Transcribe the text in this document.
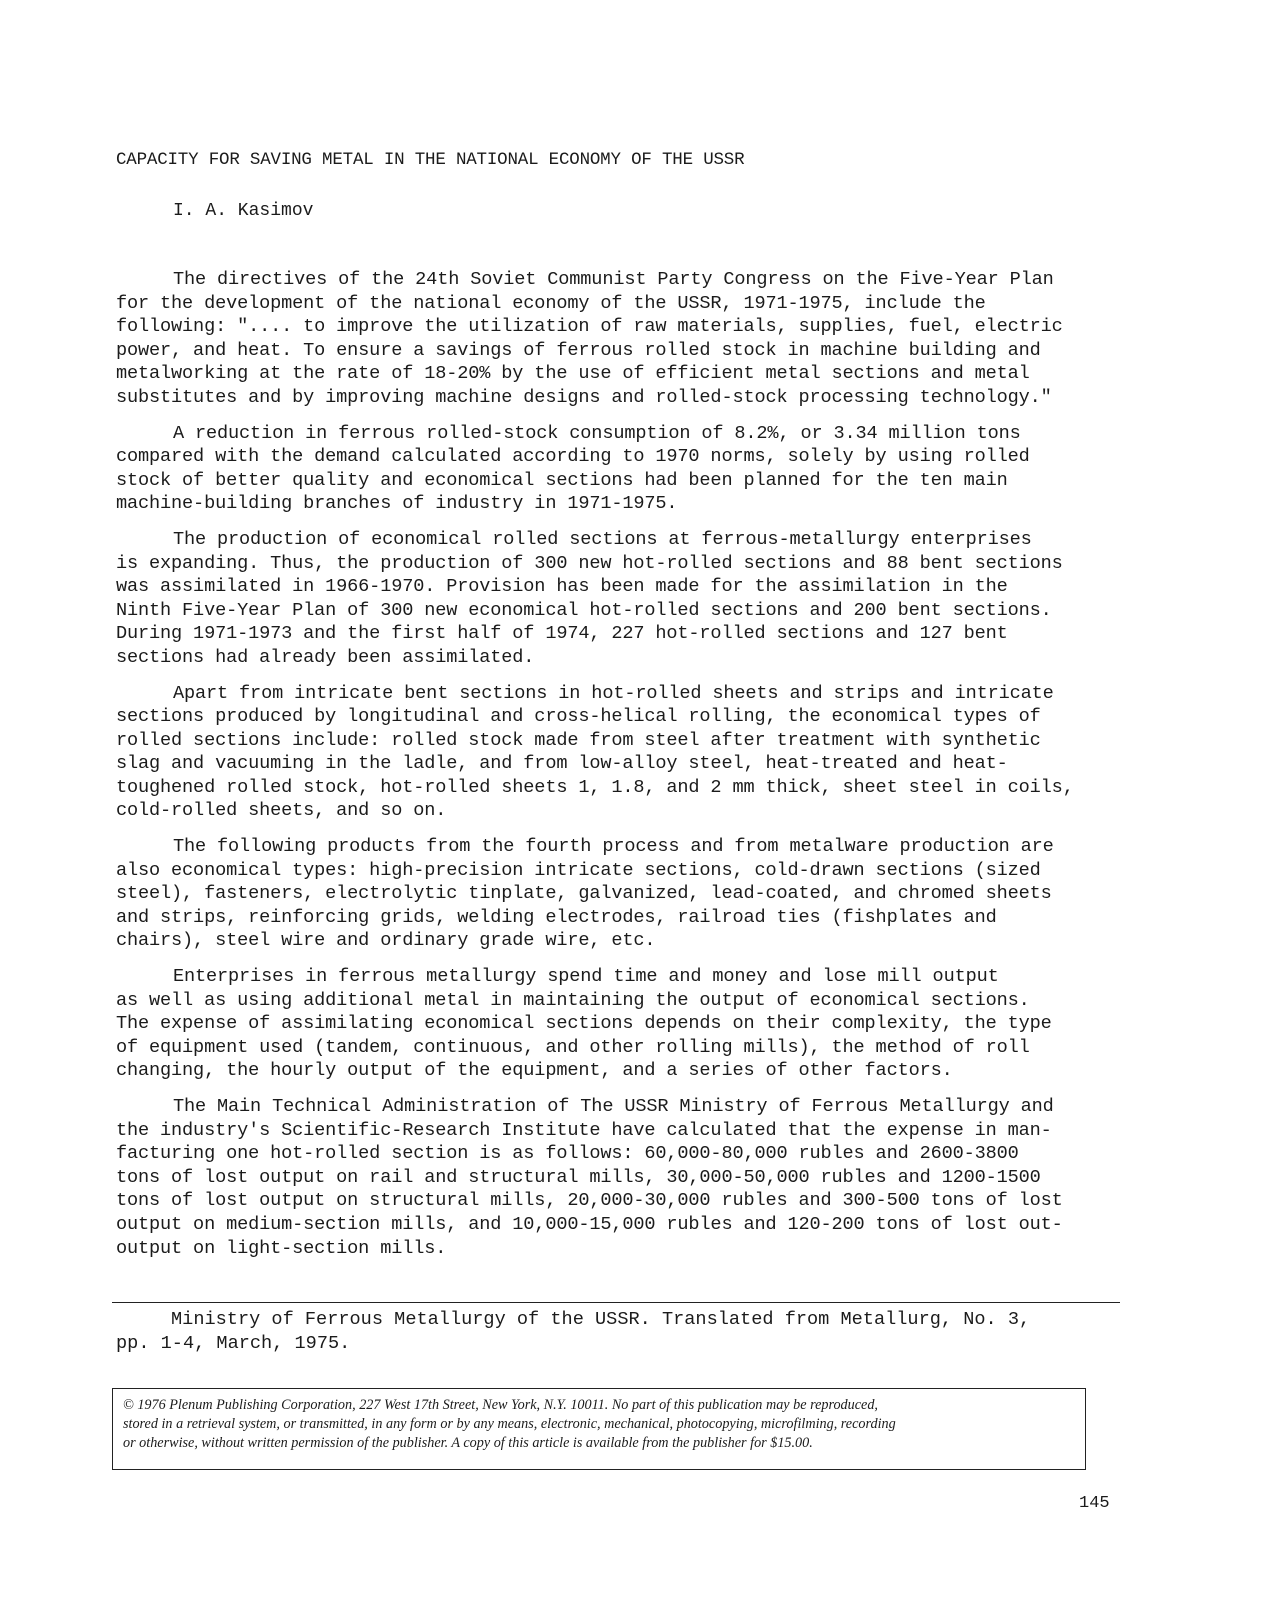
CAPACITY FOR SAVING METAL IN THE NATIONAL ECONOMY OF THE USSR
I. A. Kasimov

The directives of the 24th Soviet Communist Party Congress on the Five-Year Plan
for the development of the national economy of the USSR, 1971-1975, include the
following: ".... to improve the utilization of raw materials, supplies, fuel, electric
power, and heat. To ensure a savings of ferrous rolled stock in machine building and
metalworking at the rate of 18-20% by the use of efficient metal sections and metal
substitutes and by improving machine designs and rolled-stock processing technology."

A reduction in ferrous rolled-stock consumption of 8.2%, or 3.34 million tons
compared with the demand calculated according to 1970 norms, solely by using rolled
stock of better quality and economical sections had been planned for the ten main
machine-building branches of industry in 1971-1975.

The production of economical rolled sections at ferrous-metallurgy enterprises
is expanding. Thus, the production of 300 new hot-rolled sections and 88 bent sections
was assimilated in 1966-1970. Provision has been made for the assimilation in the
Ninth Five-Year Plan of 300 new economical hot-rolled sections and 200 bent sections.
During 1971-1973 and the first half of 1974, 227 hot-rolled sections and 127 bent
sections had already been assimilated.

Apart from intricate bent sections in hot-rolled sheets and strips and intricate
sections produced by longitudinal and cross-helical rolling, the economical types of
rolled sections include: rolled stock made from steel after treatment with synthetic
slag and vacuuming in the ladle, and from low-alloy steel, heat-treated and heat-
toughened rolled stock, hot-rolled sheets 1, 1.8, and 2 mm thick, sheet steel in coils,
cold-rolled sheets, and so on.

The following products from the fourth process and from metalware production are
also economical types: high-precision intricate sections, cold-drawn sections (sized
steel), fasteners, electrolytic tinplate, galvanized, lead-coated, and chromed sheets
and strips, reinforcing grids, welding electrodes, railroad ties (fishplates and
chairs), steel wire and ordinary grade wire, etc.

Enterprises in ferrous metallurgy spend time and money and lose mill output
as well as using additional metal in maintaining the output of economical sections.
The expense of assimilating economical sections depends on their complexity, the type
of equipment used (tandem, continuous, and other rolling mills), the method of roll
changing, the hourly output of the equipment, and a series of other factors.

The Main Technical Administration of The USSR Ministry of Ferrous Metallurgy and
the industry's Scientific-Research Institute have calculated that the expense in man-
facturing one hot-rolled section is as follows: 60,000-80,000 rubles and 2600-3800
tons of lost output on rail and structural mills, 30,000-50,000 rubles and 1200-1500
tons of lost output on structural mills, 20,000-30,000 rubles and 300-500 tons of lost
output on medium-section mills, and 10,000-15,000 rubles and 120-200 tons of lost out-
output on light-section mills.

Ministry of Ferrous Metallurgy of the USSR. Translated from Metallurg, No. 3,
pp. 1-4, March, 1975.
© 1976 Plenum Publishing Corporation, 227 West 17th Street, New York, N.Y. 10011. No part of this publication may be reproduced,
stored in a retrieval system, or transmitted, in any form or by any means, electronic, mechanical, photocopying, microfilming, recording
or otherwise, without written permission of the publisher. A copy of this article is available from the publisher for $15.00.
145
